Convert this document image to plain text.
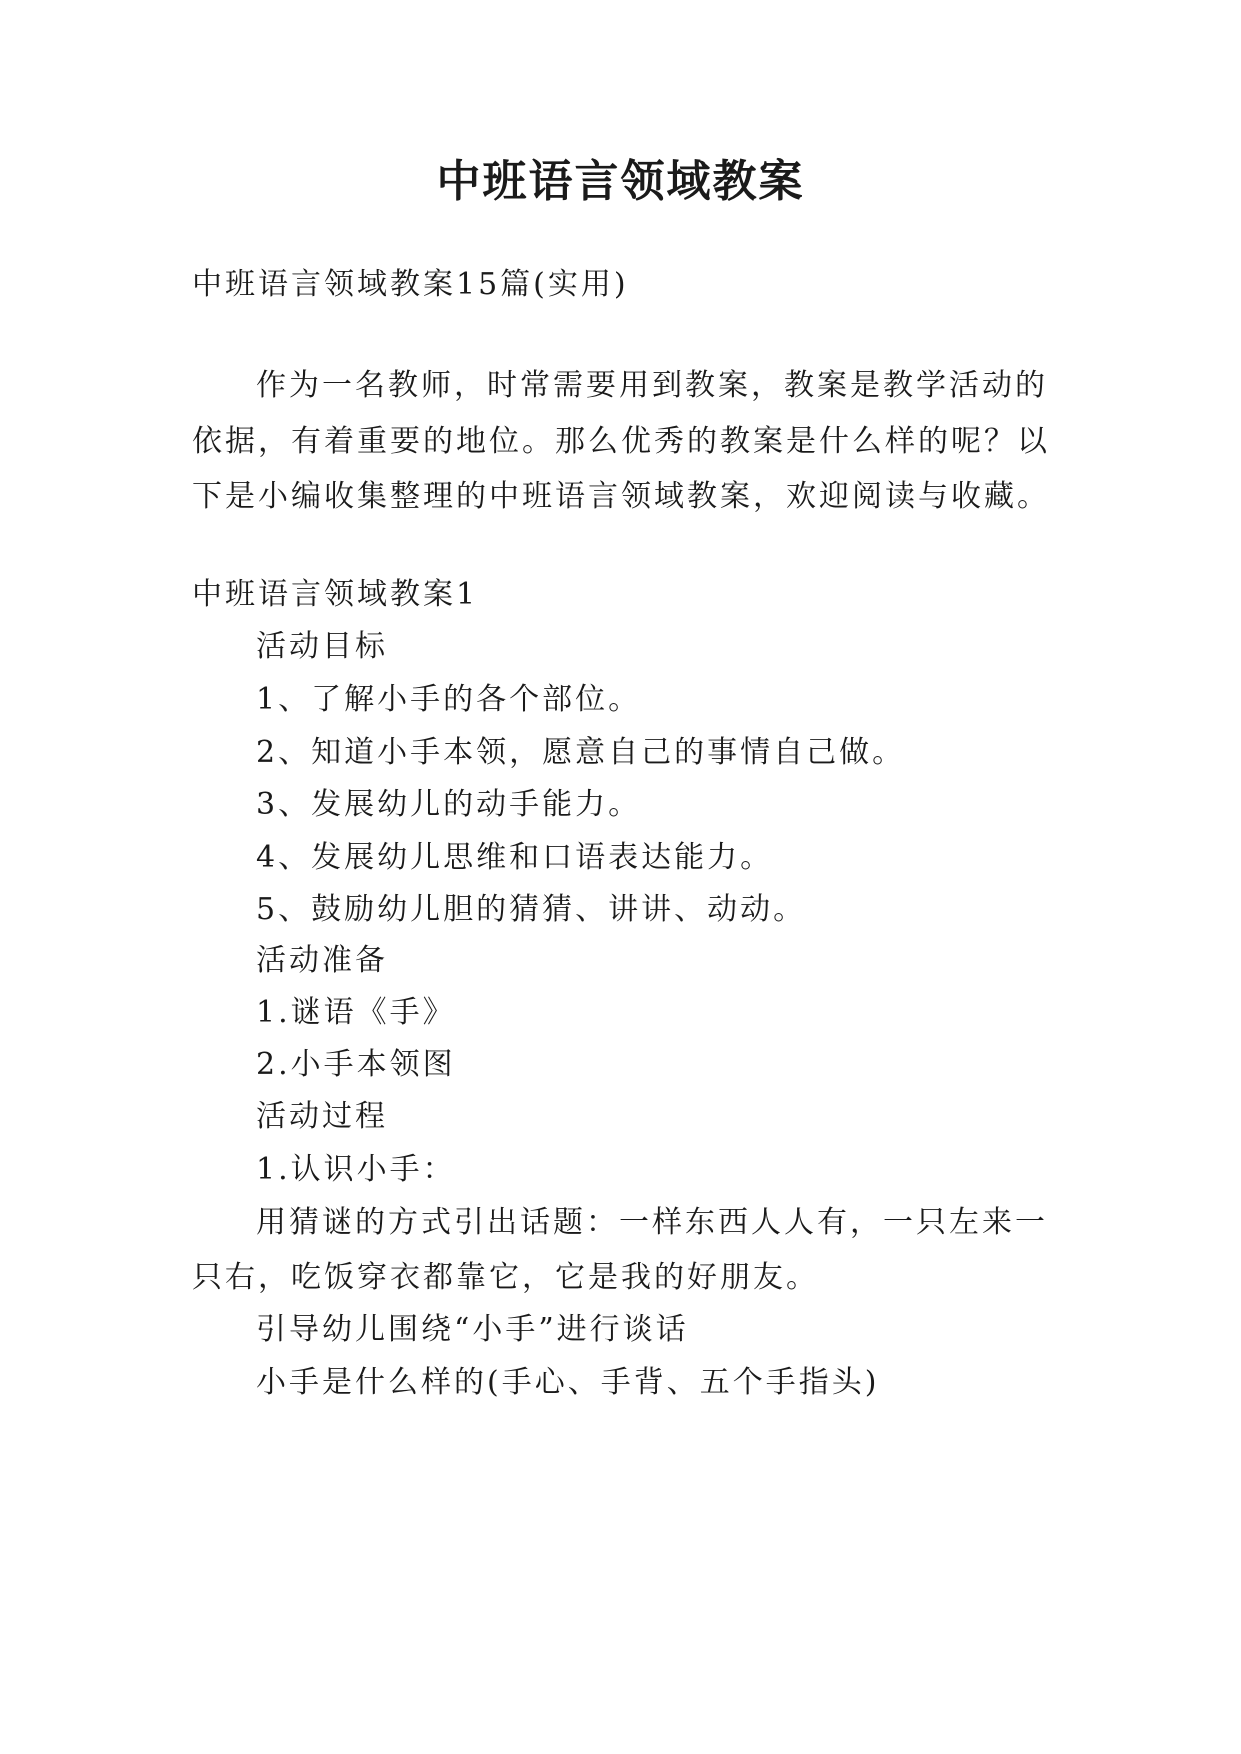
中班语言领域教案
中班语言领域教案15篇(实用)
作为一名教师，时常需要用到教案，教案是教学活动的
依据，有着重要的地位。那么优秀的教案是什么样的呢？以
下是小编收集整理的中班语言领域教案，欢迎阅读与收藏。
中班语言领域教案1
活动目标
1、了解小手的各个部位。
2、知道小手本领，愿意自己的事情自己做。
3、发展幼儿的动手能力。
4、发展幼儿思维和口语表达能力。
5、鼓励幼儿胆的猜猜、讲讲、动动。
活动准备
1.谜语《手》
2.小手本领图
活动过程
1.认识小手：
用猜谜的方式引出话题：一样东西人人有，一只左来一
只右，吃饭穿衣都靠它，它是我的好朋友。
引导幼儿围绕“小手”进行谈话
小手是什么样的(手心、手背、五个手指头)
